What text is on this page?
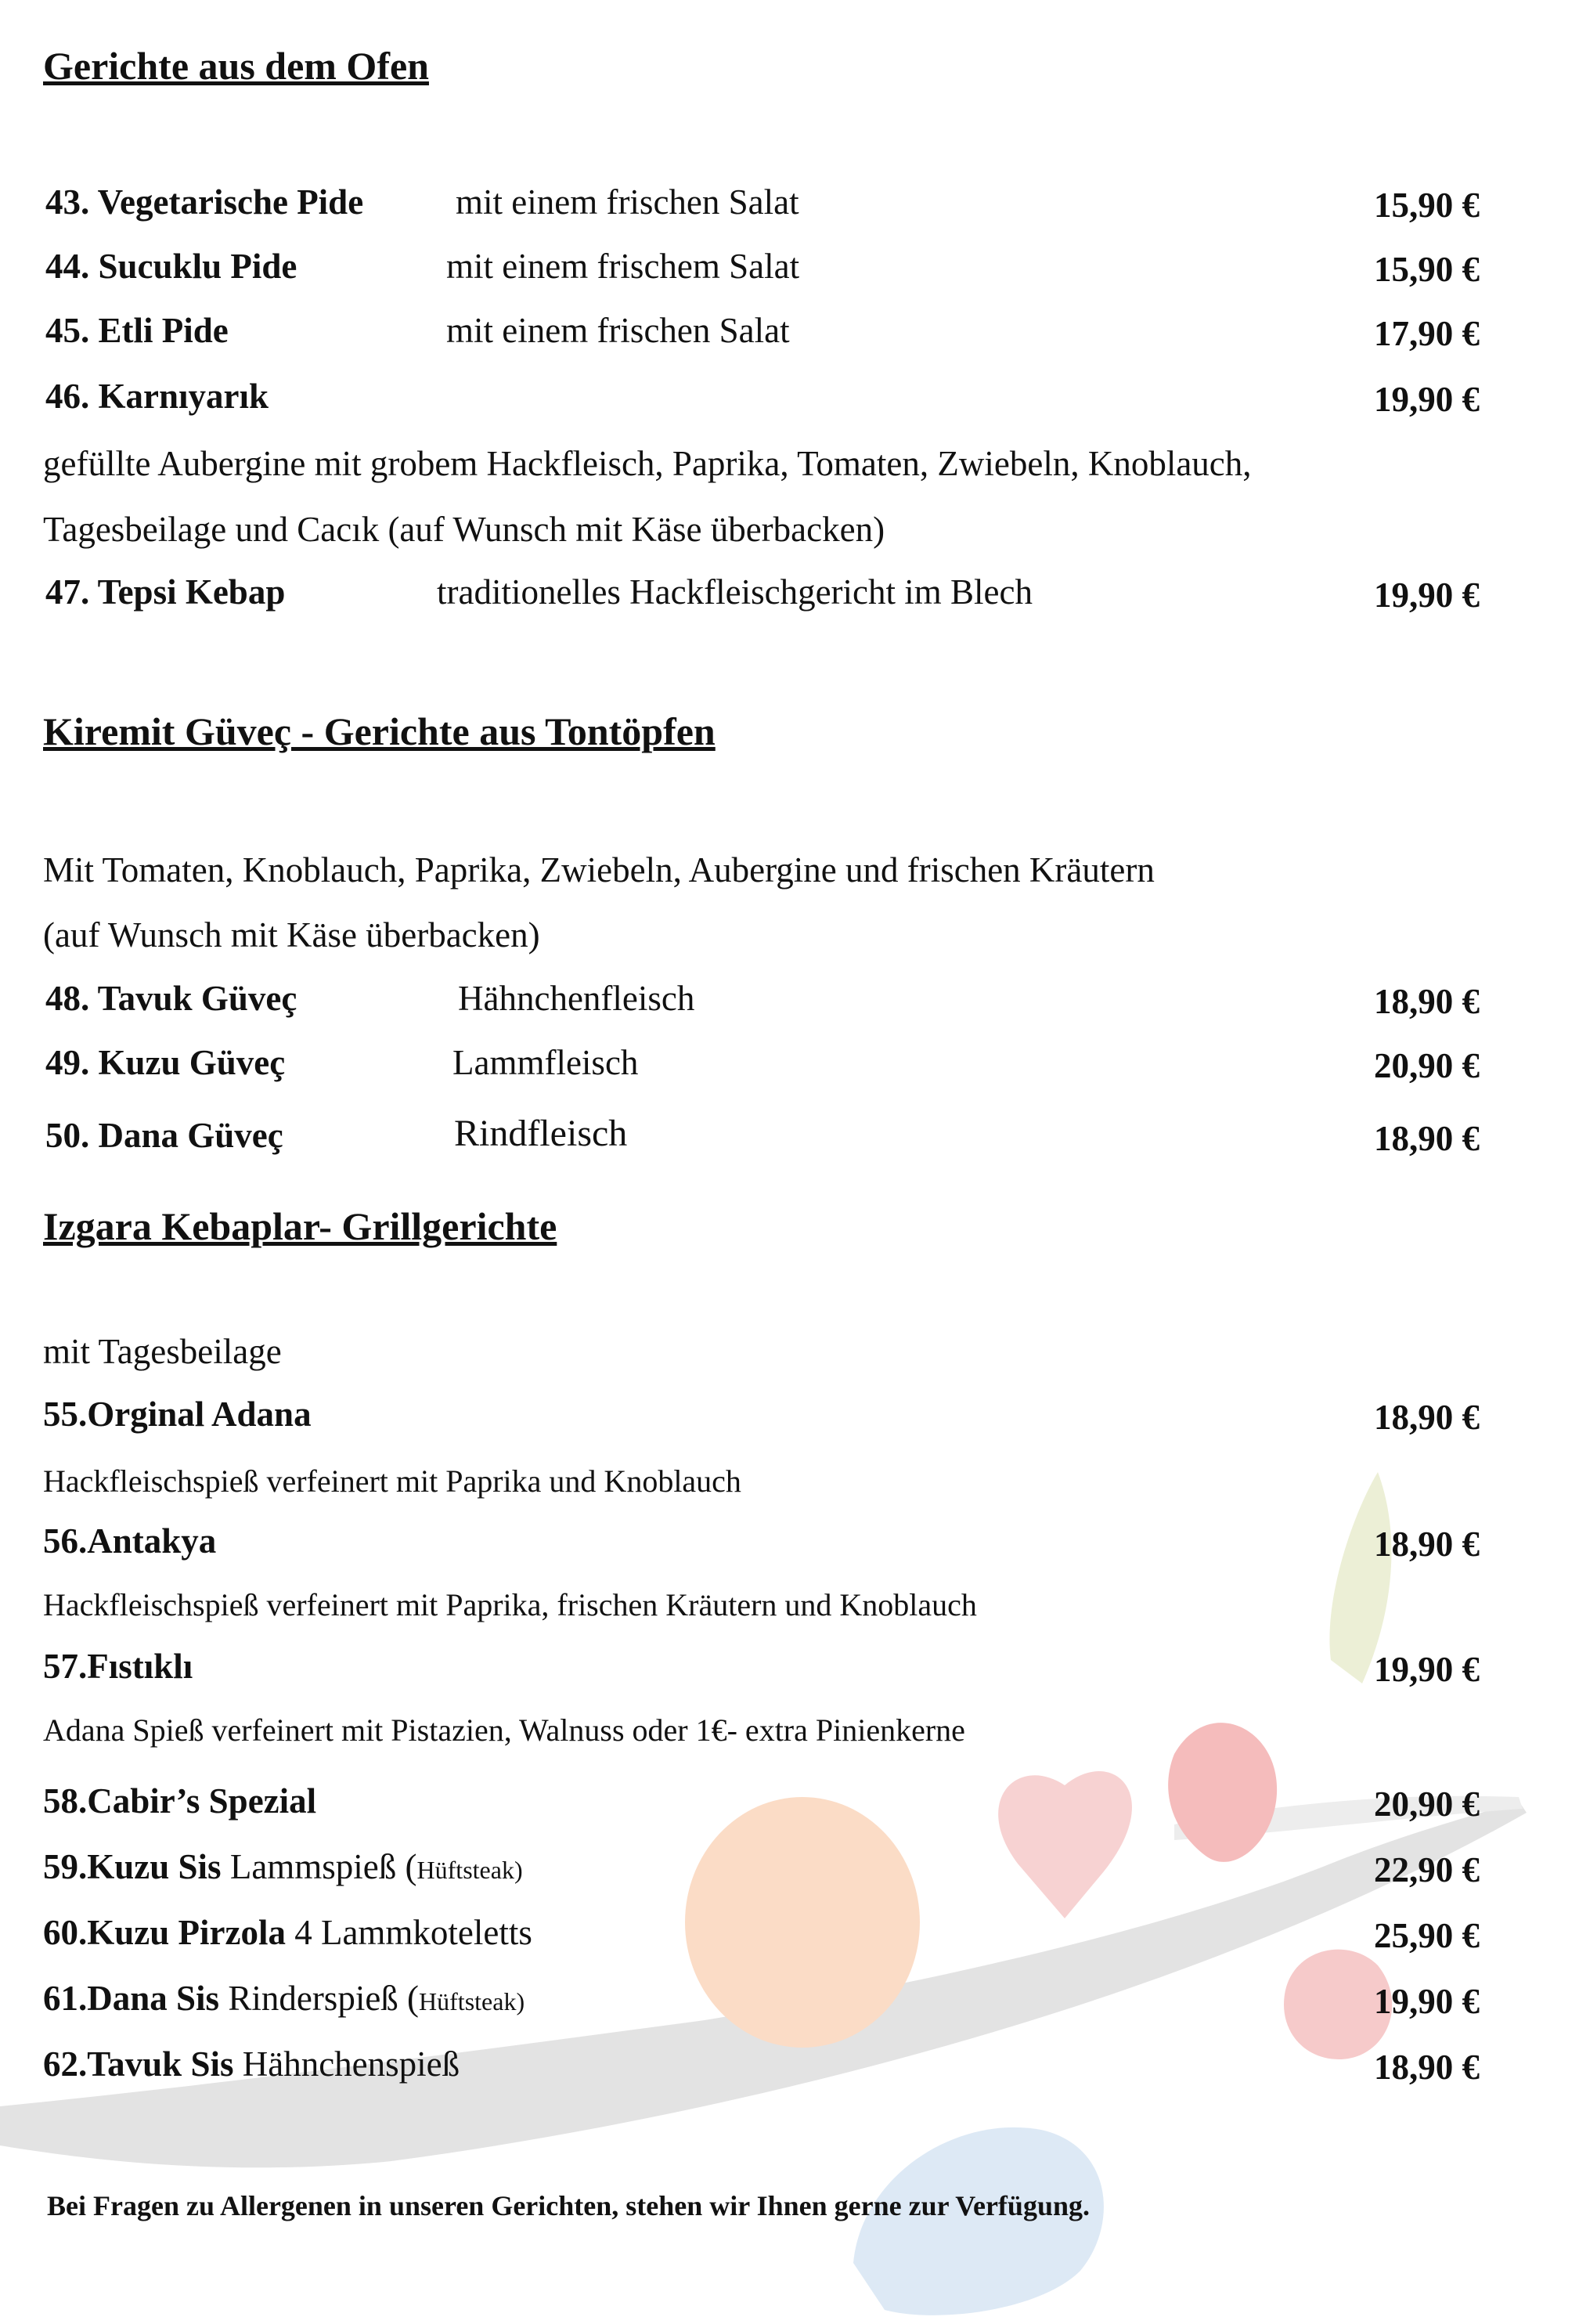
Gerichte aus dem Ofen
43. Vegetarische Pide	mit einem frischen Salat	15,90 €
44. Sucuklu Pide	mit einem frischem Salat	15,90 €
45. Etli Pide	mit einem frischen Salat	17,90 €
46. Karnıyarık	19,90 €
gefüllte Aubergine mit grobem Hackfleisch, Paprika, Tomaten, Zwiebeln, Knoblauch,
Tagesbeilage und Cacık (auf Wunsch mit Käse überbacken)
47. Tepsi Kebap	traditionelles Hackfleischgericht im Blech	19,90 €
Kiremit Güveç - Gerichte aus Tontöpfen
Mit Tomaten, Knoblauch, Paprika, Zwiebeln, Aubergine und frischen Kräutern
(auf Wunsch mit Käse überbacken)
48. Tavuk Güveç	Hähnchenfleisch	18,90 €
49. Kuzu Güveç	Lammfleisch	20,90 €
50. Dana Güveç	Rindfleisch	18,90 €
Izgara Kebaplar- Grillgerichte
mit Tagesbeilage
55.Orginal Adana	18,90 €
Hackfleischspieß verfeinert mit Paprika und Knoblauch
56.Antakya	18,90 €
Hackfleischspieß verfeinert mit Paprika, frischen Kräutern und Knoblauch
57.Fıstıklı	19,90 €
Adana Spieß verfeinert mit Pistazien, Walnuss oder 1€- extra Pinienkerne
58.Cabir’s Spezial	20,90 €
59.Kuzu Sis Lammspieß (Hüftsteak)	22,90 €
60.Kuzu Pirzola 4 Lammkoteletts	25,90 €
61.Dana Sis Rinderspieß (Hüftsteak)	19,90 €
62.Tavuk Sis Hähnchenspieß	18,90 €
Bei Fragen zu Allergenen in unseren Gerichten, stehen wir Ihnen gerne zur Verfügung.
